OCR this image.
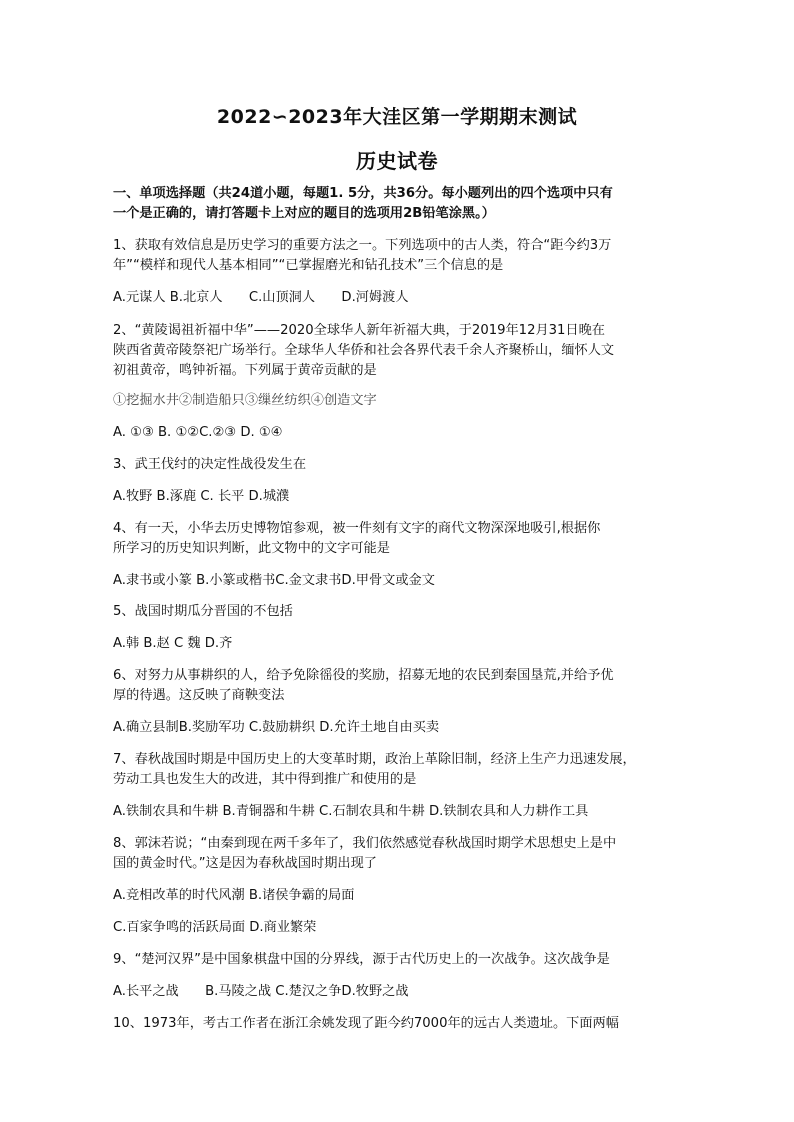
2022∽2023年大洼区第一学期期末测试
历史试卷
一、单项选择题（共24道小题，每题1. 5分，共36分。每小题列出的四个选项中只有
一个是正确的，请打答题卡上对应的题目的选项用2B铅笔涂黑。）
1、获取有效信息是历史学习的重要方法之一。下列选项中的古人类，符合“距今约3万
年”“模样和现代人基本相同”“已掌握磨光和钻孔技术”三个信息的是
A.元谋人 B.北京人　　C.山顶洞人　　D.河姆渡人
2、“黄陵谒祖祈福中华”——2020全球华人新年祈福大典，于2019年12月31日晚在
陕西省黄帝陵祭祀广场举行。全球华人华侨和社会各界代表千余人齐聚桥山，缅怀人文
初祖黄帝，鸣钟祈福。下列属于黄帝贡献的是
①挖掘水井②制造船只③缫丝纺织④创造文字
A. ①③ B. ①②C.②③ D. ①④
3、武王伐纣的决定性战役发生在
A.牧野 B.涿鹿 C. 长平 D.城濮
4、有一天，小华去历史博物馆参观，被一件刻有文字的商代文物深深地吸引,根据你
所学习的历史知识判断，此文物中的文字可能是
A.隶书或小篆 B.小篆或楷书C.金文隶书D.甲骨文或金文
5、战国时期瓜分晋国的不包括
A.韩 B.赵 C 魏 D.齐
6、对努力从事耕织的人，给予免除徭役的奖励，招募无地的农民到秦国垦荒,并给予优
厚的待遇。这反映了商鞅变法
A.确立县制B.奖励军功 C.鼓励耕织 D.允许土地自由买卖
7、春秋战国时期是中国历史上的大变革时期，政治上革除旧制，经济上生产力迅速发展，
劳动工具也发生大的改进，其中得到推广和使用的是
A.铁制农具和牛耕 B.青铜器和牛耕 C.石制农具和牛耕 D.铁制农具和人力耕作工具
8、郭沫若说；“由秦到现在两千多年了，我们依然感觉春秋战国时期学术思想史上是中
国的黄金时代。”这是因为春秋战国时期出现了
A.竞相改革的时代风潮 B.诸侯争霸的局面
C.百家争鸣的活跃局面 D.商业繁荣
9、“楚河汉界”是中国象棋盘中国的分界线，源于古代历史上的一次战争。这次战争是
A.长平之战　　B.马陵之战 C.楚汉之争D.牧野之战
10、1973年，考古工作者在浙江余姚发现了距今约7000年的远古人类遗址。下面两幅
